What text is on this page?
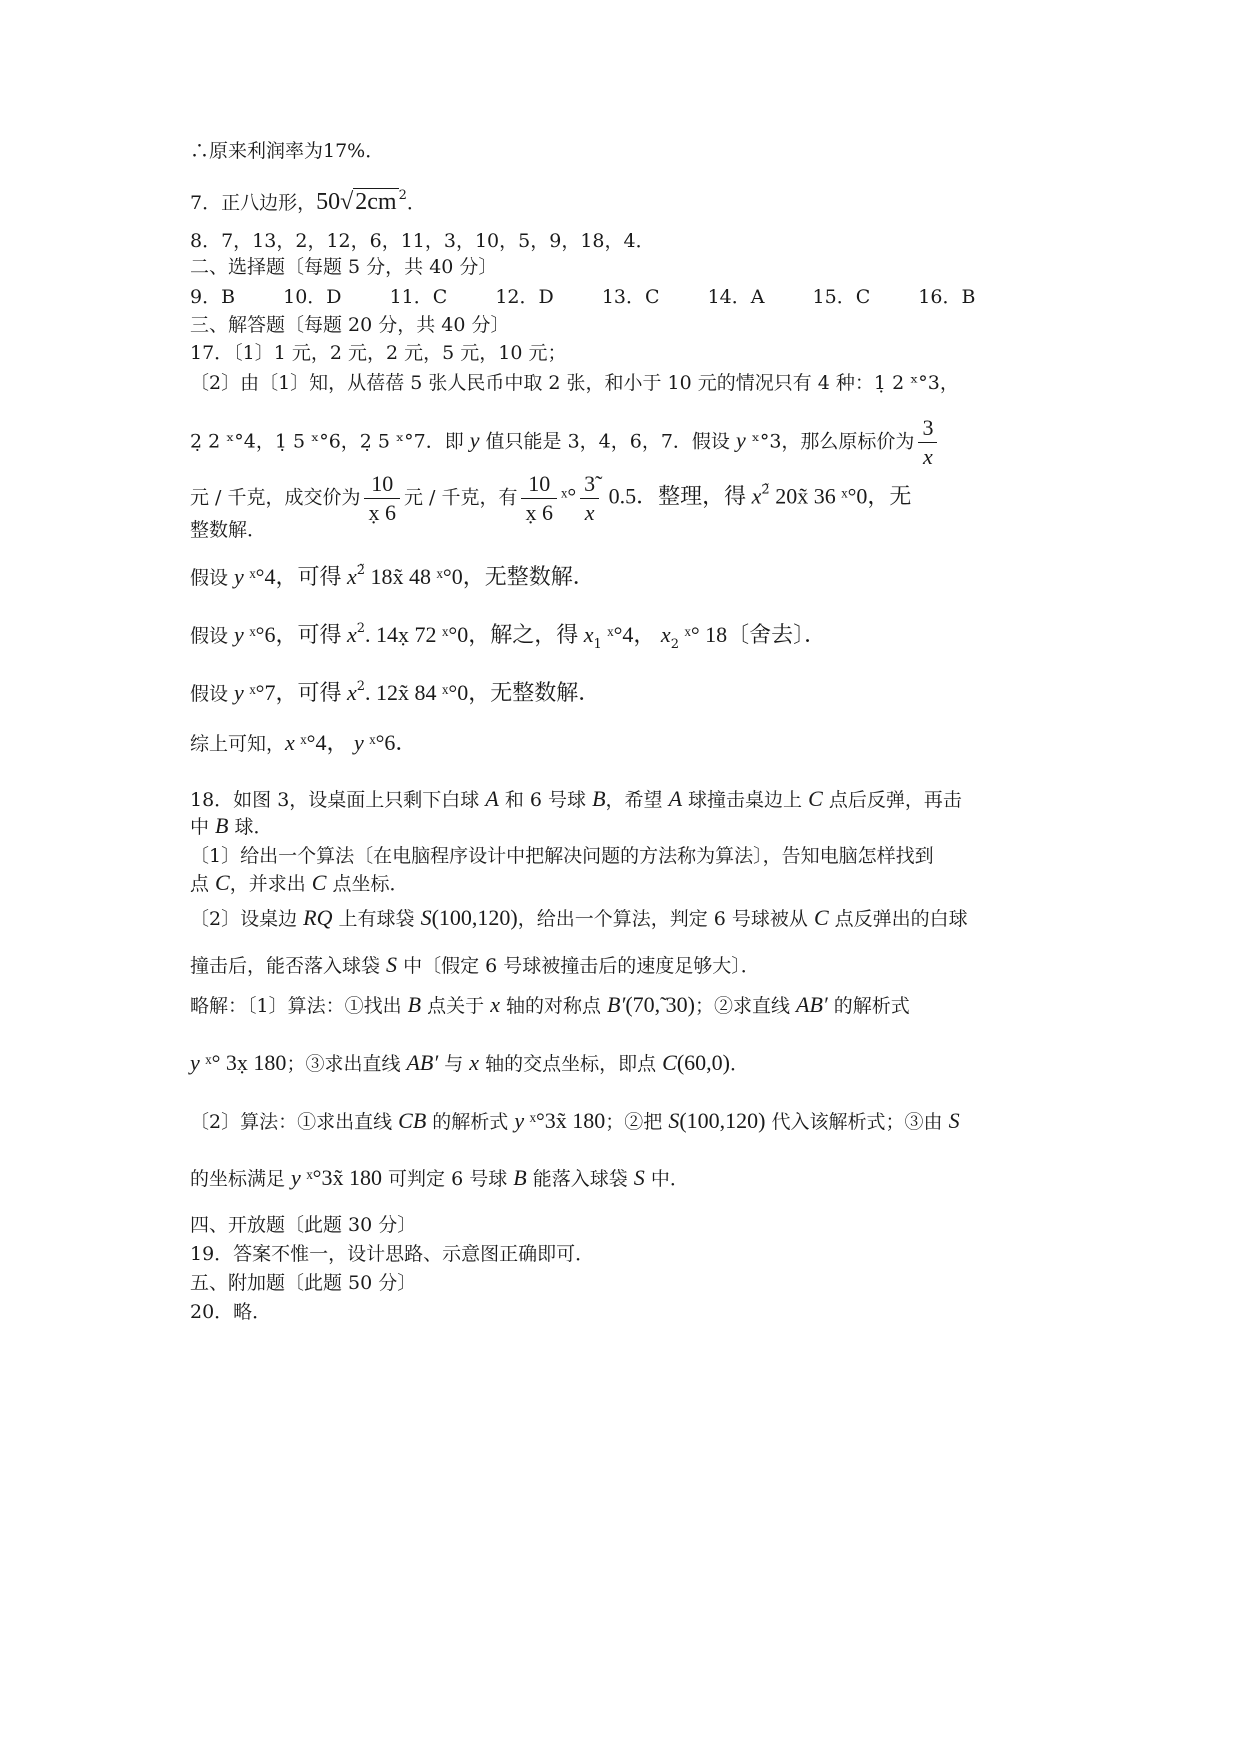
∴原来利润率为17%．
7．正八边形，50√2cm $^2$．
8．7，13，2，12，6，11，3，10，5，9，18，4．
二、选择题〔每题 5 分，共 40 分〕
9．B	10．D	11．C	12．D	13．C	14．A	15．C	16．B
三、解答题〔每题 20 分，共 40 分〕
17．〔1〕1 元，2 元，2 元，5 元，10 元；
〔2〕由〔1〕知，从蓓蓓 5 张人民币中取 2 张，和小于 10 元的情况只有 4 种：1̣ 2 ˣ°3，
2̣ 2 ˣ°4，1̣ 5 ˣ°6，2̣ 5 ˣ°7．即 y 值只能是 3，4，6，7．假设 y ˣ°3，那么原标价为 $\frac{3}{x}$
元 / 千克，成交价为 $\frac{10}{x̣ 6}$ 元 / 千克，有 $\frac{10}{x̣ 6}$ ˣ° $\frac{3̃}{x} 0.5$．整理，得 $x^{2̃}$ 20x̃ 36 ˣ°0，无
整数解．
假设 y ˣ°4，可得 $x^{2̃}$ 18x̃ 48 ˣ°0，无整数解．
假设 y ˣ°6，可得 $x^2$. 14x̣ 72 ˣ°0，解之，得 $x_1$ ˣ°4， $x_2$ ˣ° 18〔舍去〕．
假设 y ˣ°7，可得 $x^2$. 12x̃ 84 ˣ°0，无整数解．
综上可知，x ˣ°4， y ˣ°6．
18．如图 3，设桌面上只剩下白球 A 和 6 号球 B，希望 A 球撞击桌边上 C 点后反弹，再击
中 B 球．
〔1〕给出一个算法〔在电脑程序设计中把解决问题的方法称为算法〕，告知电脑怎样找到
点 C，并求出 C 点坐标．
〔2〕设桌边 RQ 上有球袋 S(100,120)，给出一个算法，判定 6 号球被从 C 点反弹出的白球
撞击后，能否落入球袋 S 中〔假定 6 号球被撞击后的速度足够大〕．
略解：〔1〕算法：①找出 B 点关于 x 轴的对称点 B′(70,̃ 30)；②求直线 AB′ 的解析式
y ˣ° 3x̣ 180；③求出直线 AB′ 与 x 轴的交点坐标，即点 C(60,0)．
〔2〕算法：①求出直线 CB 的解析式 y ˣ°3x̃ 180；②把 S(100,120) 代入该解析式；③由 S
的坐标满足 y ˣ°3x̃ 180 可判定 6 号球 B 能落入球袋 S 中．
四、开放题〔此题 30 分〕
19．答案不惟一，设计思路、示意图正确即可．
五、附加题〔此题 50 分〕
20．略．
